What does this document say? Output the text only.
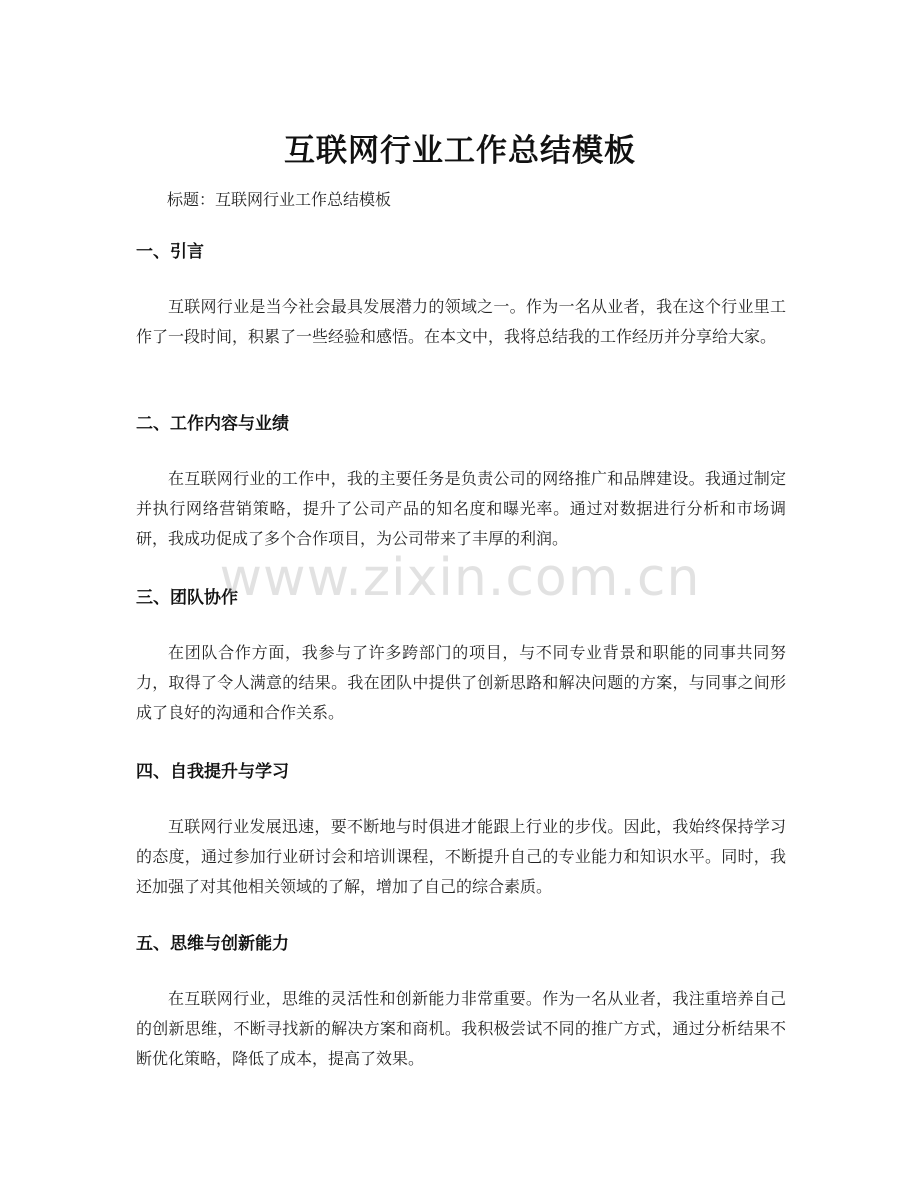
互联网行业工作总结模板
标题：互联网行业工作总结模板
一、引言

互联网行业是当今社会最具发展潜力的领域之一。作为一名从业者，我在这个行业里工作了一段时间，积累了一些经验和感悟。在本文中，我将总结我的工作经历并分享给大家。

二、工作内容与业绩

在互联网行业的工作中，我的主要任务是负责公司的网络推广和品牌建设。我通过制定并执行网络营销策略，提升了公司产品的知名度和曝光率。通过对数据进行分析和市场调研，我成功促成了多个合作项目，为公司带来了丰厚的利润。

三、团队协作

在团队合作方面，我参与了许多跨部门的项目，与不同专业背景和职能的同事共同努力，取得了令人满意的结果。我在团队中提供了创新思路和解决问题的方案，与同事之间形成了良好的沟通和合作关系。

四、自我提升与学习

互联网行业发展迅速，要不断地与时俱进才能跟上行业的步伐。因此，我始终保持学习的态度，通过参加行业研讨会和培训课程，不断提升自己的专业能力和知识水平。同时，我还加强了对其他相关领域的了解，增加了自己的综合素质。

五、思维与创新能力

在互联网行业，思维的灵活性和创新能力非常重要。作为一名从业者，我注重培养自己的创新思维，不断寻找新的解决方案和商机。我积极尝试不同的推广方式，通过分析结果不断优化策略，降低了成本，提高了效果。

www.zixin.com.cn
